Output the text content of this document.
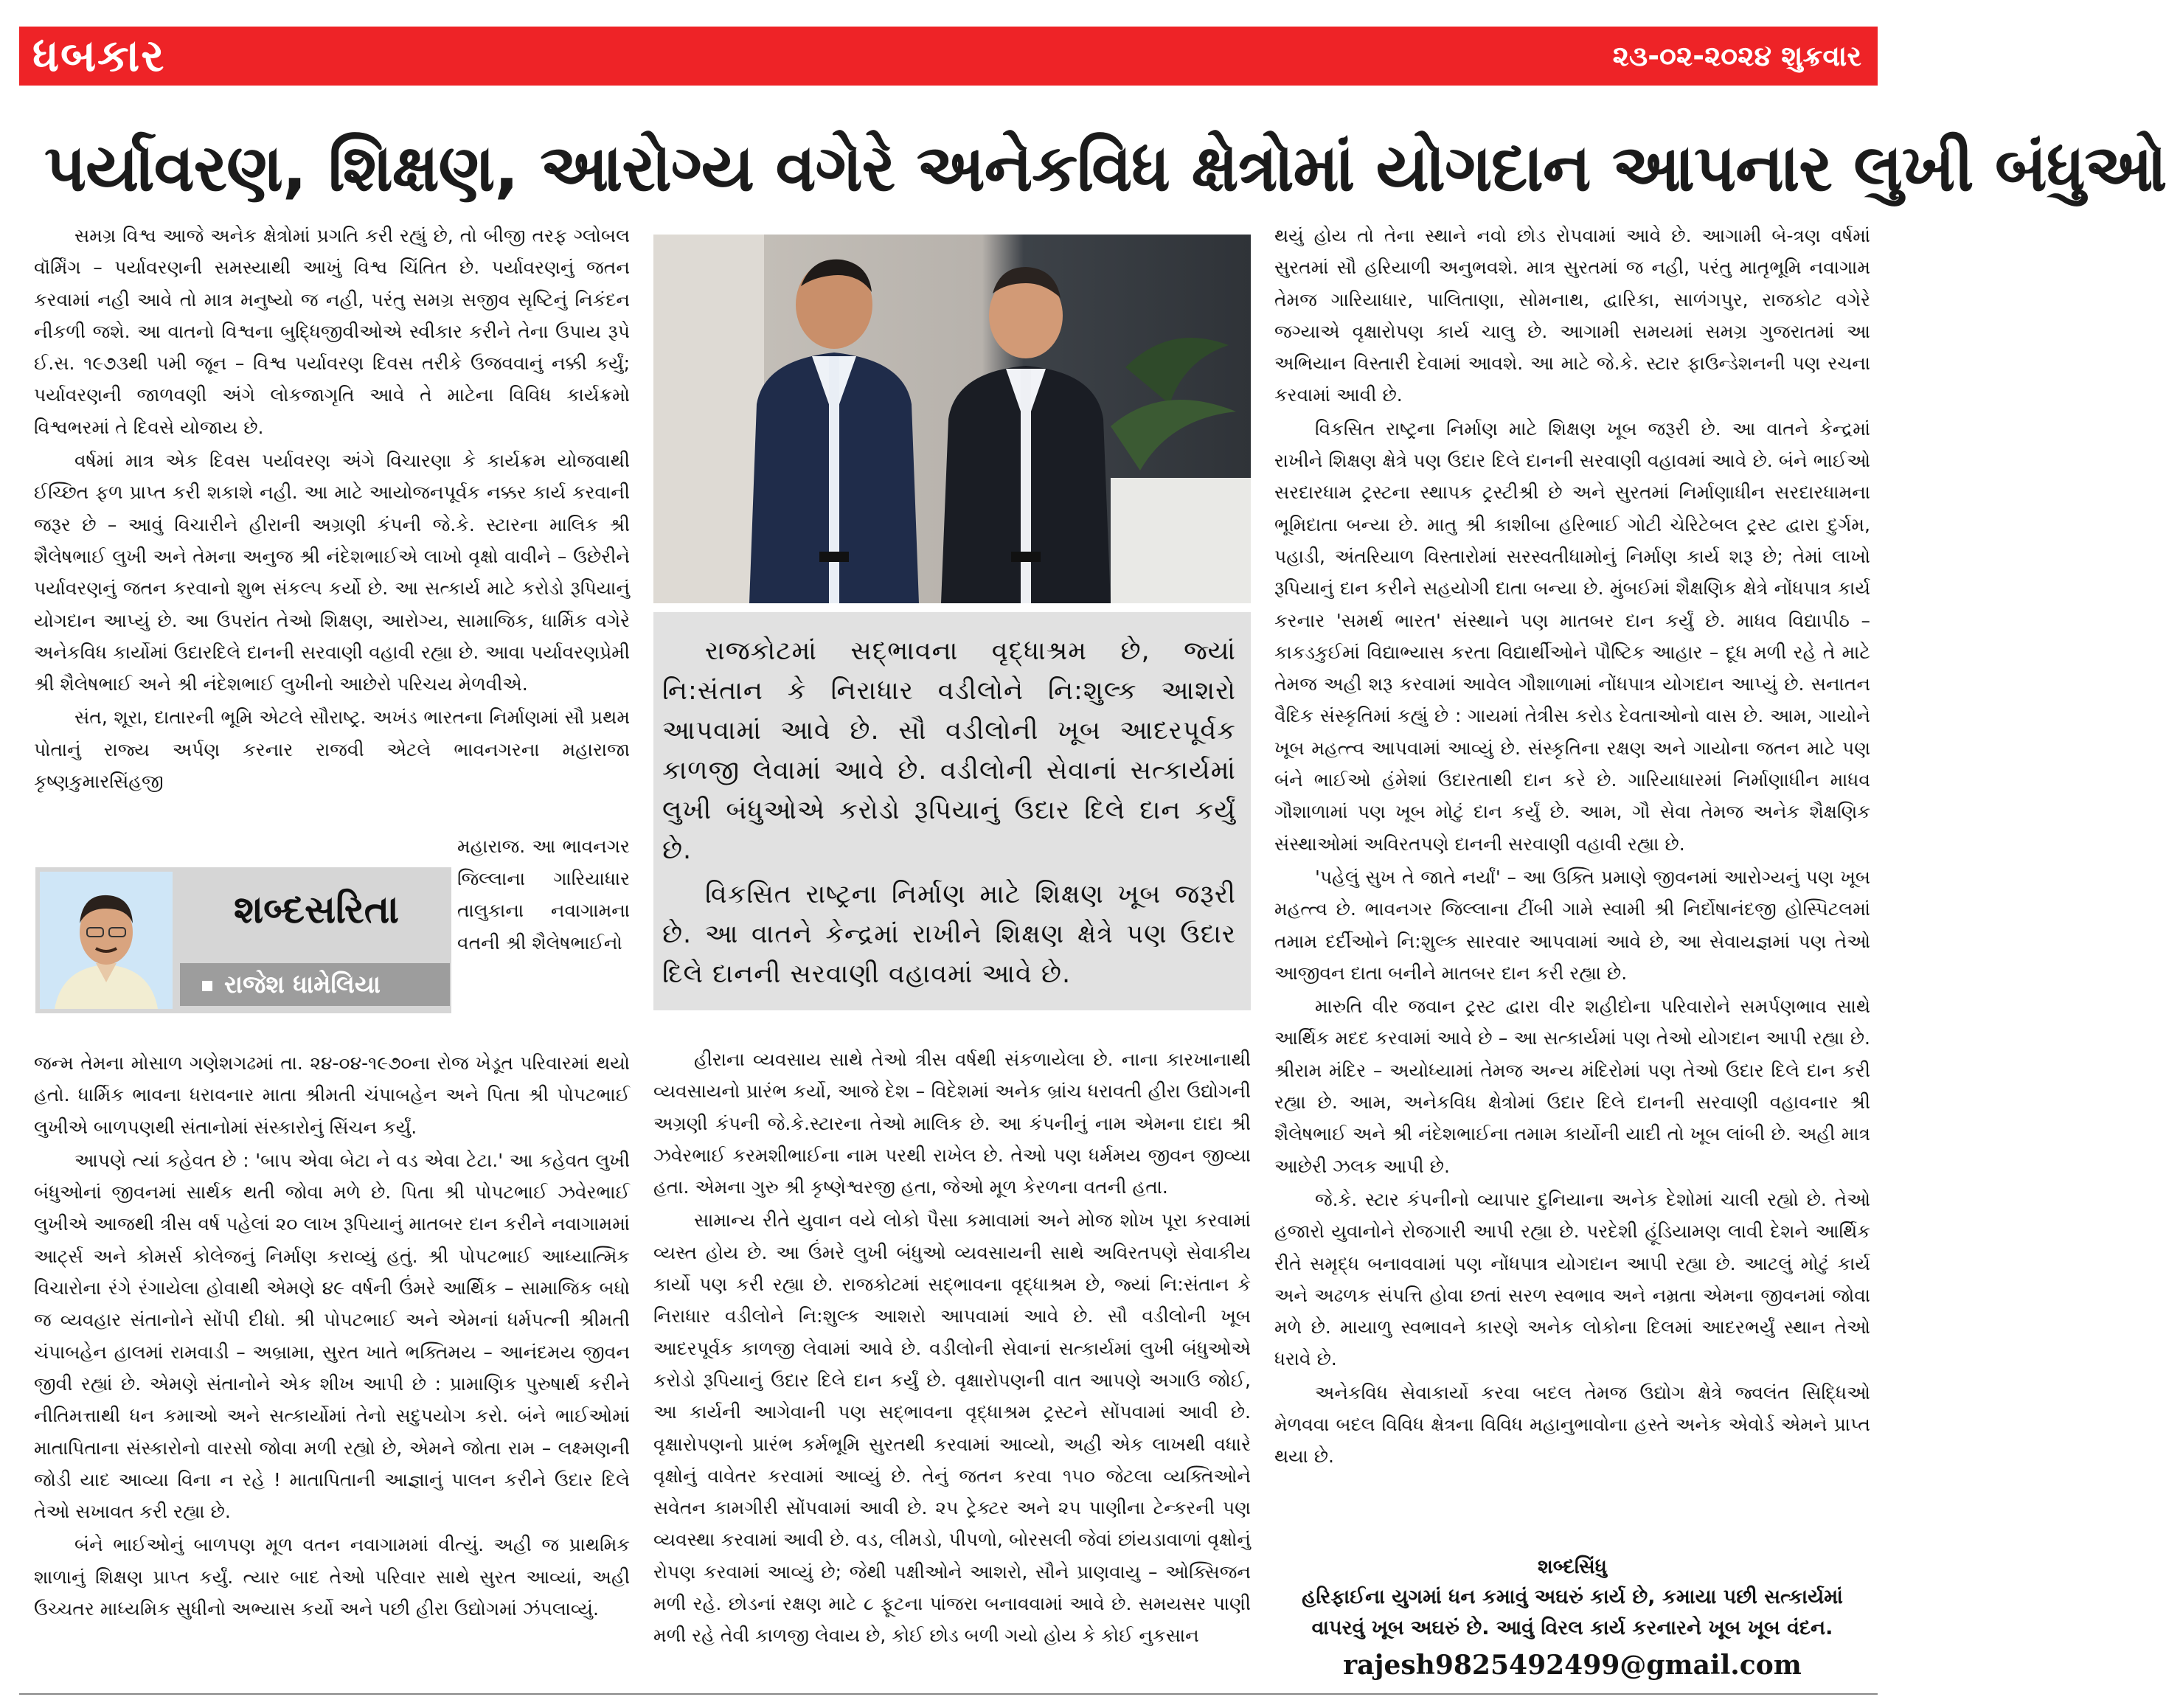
ધબકાર	૨૩-૦૨-૨૦૨૪ શુક્રવાર
પર્યાવરણ, શિક્ષણ, આરોગ્ય વગેરે અનેકવિધ ક્ષેત્રોમાં યોગદાન આપનાર લુખી બંધુઓ

સમગ્ર વિશ્વ આજે અનેક ક્ષેત્રોમાં પ્રગતિ કરી રહ્યું છે, તો બીજી તરફ ગ્લોબલ વૉર્મિંગ – પર્યાવરણની સમસ્યાથી આખું વિશ્વ ચિંતિત છે. પર્યાવરણનું જતન કરવામાં નહી આવે તો માત્ર મનુષ્યો જ નહી, પરંતુ સમગ્ર સજીવ સૃષ્ટિનું નિકંદન નીકળી જશે. આ વાતનો વિશ્વના બુદ્ધિજીવીઓએ સ્વીકાર કરીને તેના ઉપાય રૂપે ઈ.સ. ૧૯૭૩થી ૫મી જૂન – વિશ્વ પર્યાવરણ દિવસ તરીકે ઉજવવાનું નક્કી કર્યું; પર્યાવરણની જાળવણી અંગે લોકજાગૃતિ આવે તે માટેના વિવિધ કાર્યક્રમો વિશ્વભરમાં તે દિવસે યોજાય છે.

વર્ષમાં માત્ર એક દિવસ પર્યાવરણ અંગે વિચારણા કે કાર્યક્રમ યોજવાથી ઈચ્છિત ફળ પ્રાપ્ત કરી શકાશે નહી. આ માટે આયોજનપૂર્વક નક્કર કાર્ય કરવાની જરૂર છે – આવું વિચારીને હીરાની અગ્રણી કંપની જે.કે. સ્ટારના માલિક શ્રી શૈલેષભાઈ લુખી અને તેમના અનુજ શ્રી નંદેશભાઈએ લાખો વૃક્ષો વાવીને – ઉછેરીને પર્યાવરણનું જતન કરવાનો શુભ સંકલ્પ કર્યો છે. આ સત્કાર્ય માટે કરોડો રૂપિયાનું યોગદાન આપ્યું છે. આ ઉપરાંત તેઓ શિક્ષણ, આરોગ્ય, સામાજિક, ધાર્મિક વગેરે અનેકવિધ કાર્યોમાં ઉદારદિલે દાનની સરવાણી વહાવી રહ્યા છે. આવા પર્યાવરણપ્રેમી શ્રી શૈલેષભાઈ અને શ્રી નંદેશભાઈ લુખીનો આછેરો પરિચય મેળવીએ.

સંત, શૂરા, દાતારની ભૂમિ એટલે સૌરાષ્ટ્ર. અખંડ ભારતના નિર્માણમાં સૌ પ્રથમ પોતાનું રાજ્ય અર્પણ કરનાર રાજવી એટલે ભાવનગરના મહારાજા કૃષ્ણકુમારસિંહજી

શબ્દસરિતા
રાજેશ ધામેલિયા
મહારાજ. આ ભાવનગર જિલ્લાના ગારિયાધાર તાલુકાના નવાગામના વતની શ્રી શૈલેષભાઈનો

જન્મ તેમના મોસાળ ગણેશગઢમાં તા. ૨૪-૦૪-૧૯૭૦ના રોજ ખેડૂત પરિવારમાં થયો હતો. ધાર્મિક ભાવના ધરાવનાર માતા શ્રીમતી ચંપાબહેન અને પિતા શ્રી પોપટભાઈ લુખીએ બાળપણથી સંતાનોમાં સંસ્કારોનું સિંચન કર્યું.

આપણે ત્યાં કહેવત છે : 'બાપ એવા બેટા ને વડ એવા ટેટા.' આ કહેવત લુખી બંધુઓનાં જીવનમાં સાર્થક થતી જોવા મળે છે. પિતા શ્રી પોપટભાઈ ઝવેરભાઈ લુખીએ આજથી ત્રીસ વર્ષ પહેલાં ૨૦ લાખ રૂપિયાનું માતબર દાન કરીને નવાગામમાં આર્ટ્સ અને કોમર્સ કોલેજનું નિર્માણ કરાવ્યું હતું. શ્રી પોપટભાઈ આધ્યાત્મિક વિચારોના રંગે રંગાયેલા હોવાથી એમણે ૪૯ વર્ષની ઉંમરે આર્થિક – સામાજિક બધો જ વ્યવહાર સંતાનોને સોંપી દીધો. શ્રી પોપટભાઈ અને એમનાં ધર્મપત્ની શ્રીમતી ચંપાબહેન હાલમાં રામવાડી – અબ્રામા, સુરત ખાતે ભક્તિમય – આનંદમય જીવન જીવી રહ્યાં છે. એમણે સંતાનોને એક શીખ આપી છે : પ્રામાણિક પુરુષાર્થ કરીને નીતિમત્તાથી ધન કમાઓ અને સત્કાર્યોમાં તેનો સદુપયોગ કરો. બંને ભાઈઓમાં માતાપિતાના સંસ્કારોનો વારસો જોવા મળી રહ્યો છે, એમને જોતા રામ – લક્ષ્મણની જોડી યાદ આવ્યા વિના ન રહે ! માતાપિતાની આજ્ઞાનું પાલન કરીને ઉદાર દિલે તેઓ સખાવત કરી રહ્યા છે.

બંને ભાઈઓનું બાળપણ મૂળ વતન નવાગામમાં વીત્યું. અહી જ પ્રાથમિક શાળાનું શિક્ષણ પ્રાપ્ત કર્યું. ત્યાર બાદ તેઓ પરિવાર સાથે સુરત આવ્યાં, અહી ઉચ્ચતર માધ્યમિક સુધીનો અભ્યાસ કર્યો અને પછી હીરા ઉદ્યોગમાં ઝંપલાવ્યું.

રાજકોટમાં સદ્ભાવના વૃદ્ધાશ્રમ છે, જ્યાં નિ:સંતાન કે નિરાધાર વડીલોને નિ:શુલ્ક આશરો આપવામાં આવે છે. સૌ વડીલોની ખૂબ આદરપૂર્વક કાળજી લેવામાં આવે છે. વડીલોની સેવાનાં સત્કાર્યમાં લુખી બંધુઓએ કરોડો રૂપિયાનું ઉદાર દિલે દાન કર્યું છે.

વિકસિત રાષ્ટ્રના નિર્માણ માટે શિક્ષણ ખૂબ જરૂરી છે. આ વાતને કેન્દ્રમાં રાખીને શિક્ષણ ક્ષેત્રે પણ ઉદાર દિલે દાનની સરવાણી વહાવમાં આવે છે.

હીરાના વ્યવસાય સાથે તેઓ ત્રીસ વર્ષથી સંકળાયેલા છે. નાના કારખાનાથી વ્યવસાયનો પ્રારંભ કર્યો, આજે દેશ – વિદેશમાં અનેક બ્રાંચ ધરાવતી હીરા ઉદ્યોગની અગ્રણી કંપની જે.કે.સ્ટારના તેઓ માલિક છે. આ કંપનીનું નામ એમના દાદા શ્રી ઝવેરભાઈ કરમશીભાઈના નામ પરથી રાખેલ છે. તેઓ પણ ધર્મમય જીવન જીવ્યા હતા. એમના ગુરુ શ્રી કૃષ્ણેશ્વરજી હતા, જેઓ મૂળ કેરળના વતની હતા.

સામાન્ય રીતે યુવાન વયે લોકો પૈસા કમાવામાં અને મોજ શોખ પૂરા કરવામાં વ્યસ્ત હોય છે. આ ઉંમરે લુખી બંધુઓ વ્યવસાયની સાથે અવિરતપણે સેવાકીય કાર્યો પણ કરી રહ્યા છે. રાજકોટમાં સદ્ભાવના વૃદ્ધાશ્રમ છે, જ્યાં નિ:સંતાન કે નિરાધાર વડીલોને નિ:શુલ્ક આશરો આપવામાં આવે છે. સૌ વડીલોની ખૂબ આદરપૂર્વક કાળજી લેવામાં આવે છે. વડીલોની સેવાનાં સત્કાર્યમાં લુખી બંધુઓએ કરોડો રૂપિયાનું ઉદાર દિલે દાન કર્યું છે. વૃક્ષારોપણની વાત આપણે અગાઉ જોઈ, આ કાર્યની આગેવાની પણ સદ્ભાવના વૃદ્ધાશ્રમ ટ્રસ્ટને સોંપવામાં આવી છે. વૃક્ષારોપણનો પ્રારંભ કર્મભૂમિ સુરતથી કરવામાં આવ્યો, અહી એક લાખથી વધારે વૃક્ષોનું વાવેતર કરવામાં આવ્યું છે. તેનું જતન કરવા ૧૫૦ જેટલા વ્યક્તિઓને સવેતન કામગીરી સોંપવામાં આવી છે. ૨૫ ટ્રેક્ટર અને ૨૫ પાણીના ટેન્કરની પણ વ્યવસ્થા કરવામાં આવી છે. વડ, લીમડો, પીપળો, બોરસલી જેવાં છાંયડાવાળાં વૃક્ષોનું રોપણ કરવામાં આવ્યું છે; જેથી પક્ષીઓને આશરો, સૌને પ્રાણવાયુ – ઓક્સિજન મળી રહે. છોડનાં રક્ષણ માટે ૮ ફૂટના પાંજરા બનાવવામાં આવે છે. સમયસર પાણી મળી રહે તેવી કાળજી લેવાય છે, કોઈ છોડ બળી ગયો હોય કે કોઈ નુકસાન

થયું હોય તો તેના સ્થાને નવો છોડ રોપવામાં આવે છે. આગામી બે-ત્રણ વર્ષમાં સુરતમાં સૌ હરિયાળી અનુભવશે. માત્ર સુરતમાં જ નહી, પરંતુ માતૃભૂમિ નવાગામ તેમજ ગારિયાધાર, પાલિતાણા, સોમનાથ, દ્વારિકા, સાળંગપુર, રાજકોટ વગેરે જગ્યાએ વૃક્ષારોપણ કાર્ય ચાલુ છે. આગામી સમયમાં સમગ્ર ગુજરાતમાં આ અભિયાન વિસ્તારી દેવામાં આવશે. આ માટે જે.કે. સ્ટાર ફાઉન્ડેશનની પણ રચના કરવામાં આવી છે.

વિકસિત રાષ્ટ્રના નિર્માણ માટે શિક્ષણ ખૂબ જરૂરી છે. આ વાતને કેન્દ્રમાં રાખીને શિક્ષણ ક્ષેત્રે પણ ઉદાર દિલે દાનની સરવાણી વહાવમાં આવે છે. બંને ભાઈઓ સરદારધામ ટ્રસ્ટના સ્થાપક ટ્રસ્ટીશ્રી છે અને સુરતમાં નિર્માણાધીન સરદારધામના ભૂમિદાતા બન્યા છે. માતુ શ્રી કાશીબા હરિભાઈ ગોટી ચેરિટેબલ ટ્રસ્ટ દ્વારા દુર્ગમ, પહાડી, અંતરિયાળ વિસ્તારોમાં સરસ્વતીધામોનું નિર્માણ કાર્ય શરૂ છે; તેમાં લાખો રૂપિયાનું દાન કરીને સહયોગી દાતા બન્યા છે. મુંબઈમાં શૈક્ષણિક ક્ષેત્રે નોંધપાત્ર કાર્ય કરનાર 'સમર્થ ભારત' સંસ્થાને પણ માતબર દાન કર્યું છે. માધવ વિદ્યાપીઠ – કાકડકુઈમાં વિદ્યાભ્યાસ કરતા વિદ્યાર્થીઓને પૌષ્ટિક આહાર – દૂધ મળી રહે તે માટે તેમજ અહી શરૂ કરવામાં આવેલ ગૌશાળામાં નોંધપાત્ર યોગદાન આપ્યું છે. સનાતન વૈદિક સંસ્કૃતિમાં કહ્યું છે : ગાયમાં તેત્રીસ કરોડ દેવતાઓનો વાસ છે. આમ, ગાયોને ખૂબ મહત્ત્વ આપવામાં આવ્યું છે. સંસ્કૃતિના રક્ષણ અને ગાયોના જતન માટે પણ બંને ભાઈઓ હંમેશાં ઉદારતાથી દાન કરે છે. ગારિયાધારમાં નિર્માણાધીન માધવ ગૌશાળામાં પણ ખૂબ મોટું દાન કર્યું છે. આમ, ગૌ સેવા તેમજ અનેક શૈક્ષણિક સંસ્થાઓમાં અવિરતપણે દાનની સરવાણી વહાવી રહ્યા છે.

'પહેલું સુખ તે જાતે નર્યાં' – આ ઉક્તિ પ્રમાણે જીવનમાં આરોગ્યનું પણ ખૂબ મહત્ત્વ છે. ભાવનગર જિલ્લાના ટીંબી ગામે સ્વામી શ્રી નિર્દોષાનંદજી હોસ્પિટલમાં તમામ દર્દીઓને નિ:શુલ્ક સારવાર આપવામાં આવે છે, આ સેવાયજ્ઞમાં પણ તેઓ આજીવન દાતા બનીને માતબર દાન કરી રહ્યા છે.

મારુતિ વીર જવાન ટ્રસ્ટ દ્વારા વીર શહીદોના પરિવારોને સમર્પણભાવ સાથે આર્થિક મદદ કરવામાં આવે છે – આ સત્કાર્યમાં પણ તેઓ યોગદાન આપી રહ્યા છે. શ્રીરામ મંદિર – અયોધ્યામાં તેમજ અન્ય મંદિરોમાં પણ તેઓ ઉદાર દિલે દાન કરી રહ્યા છે. આમ, અનેકવિધ ક્ષેત્રોમાં ઉદાર દિલે દાનની સરવાણી વહાવનાર શ્રી શૈલેષભાઈ અને શ્રી નંદેશભાઈના તમામ કાર્યોની યાદી તો ખૂબ લાંબી છે. અહી માત્ર આછેરી ઝલક આપી છે.

જે.કે. સ્ટાર કંપનીનો વ્યાપાર દુનિયાના અનેક દેશોમાં ચાલી રહ્યો છે. તેઓ હજારો યુવાનોને રોજગારી આપી રહ્યા છે. પરદેશી હૂંડિયામણ લાવી દેશને આર્થિક રીતે સમૃદ્ધ બનાવવામાં પણ નોંધપાત્ર યોગદાન આપી રહ્યા છે. આટલું મોટું કાર્ય અને અઢળક સંપત્તિ હોવા છતાં સરળ સ્વભાવ અને નમ્રતા એમના જીવનમાં જોવા મળે છે. માયાળુ સ્વભાવને કારણે અનેક લોકોના દિલમાં આદરભર્યું સ્થાન તેઓ ધરાવે છે.

અનેકવિધ સેવાકાર્યો કરવા બદલ તેમજ ઉદ્યોગ ક્ષેત્રે જ્વલંત સિદ્ધિઓ મેળવવા બદલ વિવિધ ક્ષેત્રના વિવિધ મહાનુભાવોના હસ્તે અનેક એવોર્ડ એમને પ્રાપ્ત થયા છે.

શબ્દસિંધુ
હરિફાઈના યુગમાં ધન કમાવું અઘરું કાર્ય છે, કમાયા પછી સત્કાર્યમાં
વાપરવું ખૂબ અઘરું છે. આવું વિરલ કાર્ય કરનારને ખૂબ ખૂબ વંદન.
rajesh9825492499@gmail.com
